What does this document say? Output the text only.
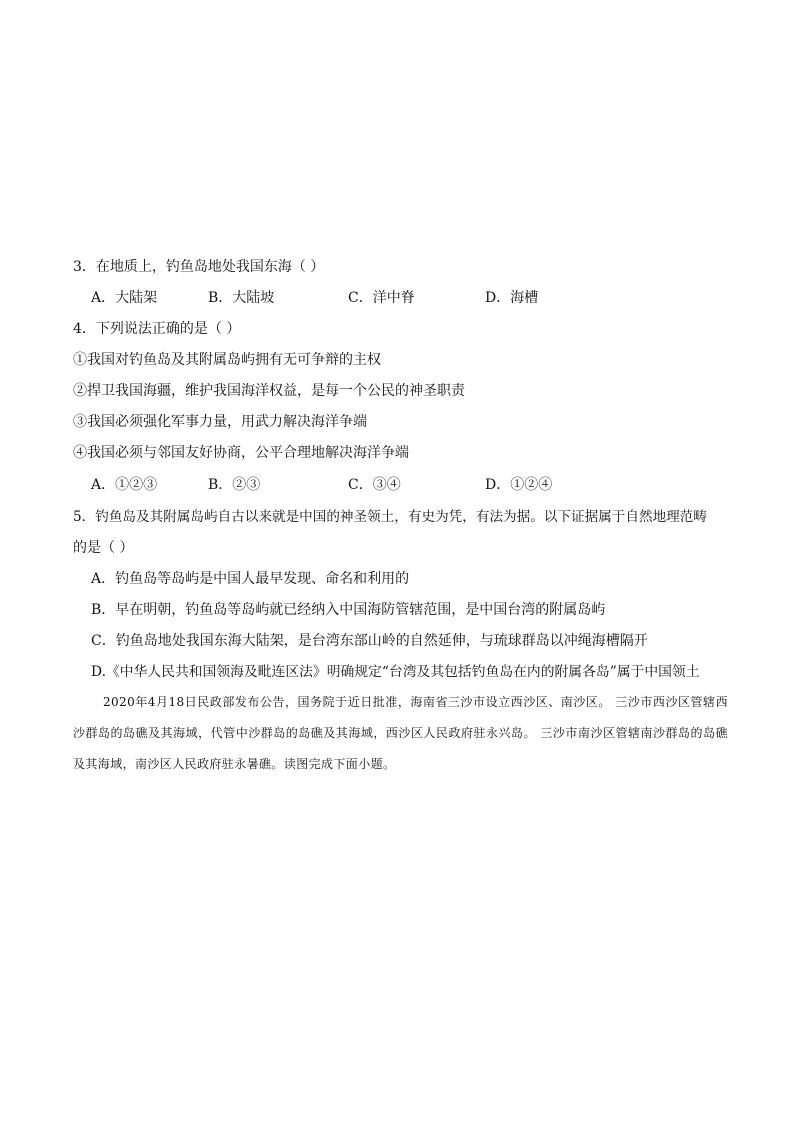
3．在地质上，钓鱼岛地处我国东海（ ）
A．大陆架	B．大陆坡	C．洋中脊	D．海槽
4．下列说法正确的是（ ）
①我国对钓鱼岛及其附属岛屿拥有无可争辩的主权
②捍卫我国海疆，维护我国海洋权益，是每一个公民的神圣职责
③我国必须强化军事力量，用武力解决海洋争端
④我国必须与邻国友好协商，公平合理地解决海洋争端
A．①②③	B．②③	C．③④	D．①②④
5．钓鱼岛及其附属岛屿自古以来就是中国的神圣领土，有史为凭，有法为据。以下证据属于自然地理范畴
的是（ ）
A．钓鱼岛等岛屿是中国人最早发现、命名和利用的
B．早在明朝，钓鱼岛等岛屿就已经纳入中国海防管辖范围，是中国台湾的附属岛屿
C．钓鱼岛地处我国东海大陆架，是台湾东部山岭的自然延伸，与琉球群岛以冲绳海槽隔开
D.《中华人民共和国领海及毗连区法》明确规定“台湾及其包括钓鱼岛在内的附属各岛”属于中国领土
2020年4月18日民政部发布公告，国务院于近日批准，海南省三沙市设立西沙区、南沙区。 三沙市西沙区管辖西沙群岛的岛礁及其海域，代管中沙群岛的岛礁及其海域，西沙区人民政府驻永兴岛。 三沙市南沙区管辖南沙群岛的岛礁及其海域，南沙区人民政府驻永暑礁。读图完成下面小题。
